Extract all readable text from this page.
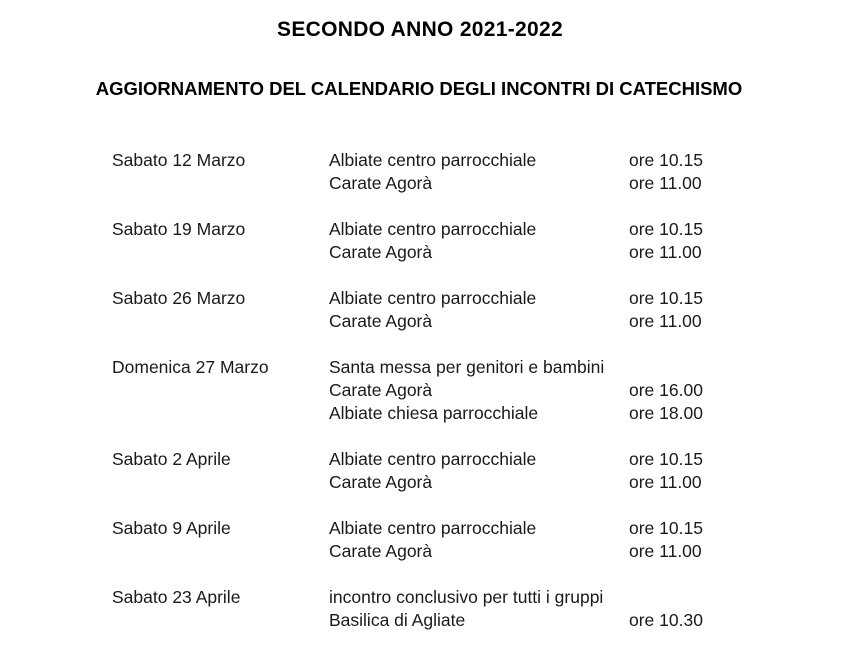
SECONDO ANNO 2021-2022
AGGIORNAMENTO DEL CALENDARIO DEGLI INCONTRI DI CATECHISMO
Sabato 12 Marzo	Albiate centro parrocchiale	ore 10.15
Carate Agorà	ore 11.00
Sabato 19 Marzo	Albiate centro parrocchiale	ore 10.15
Carate Agorà	ore 11.00
Sabato 26 Marzo	Albiate centro parrocchiale	ore 10.15
Carate Agorà	ore 11.00
Domenica 27 Marzo	Santa messa per genitori e bambini
Carate Agorà	ore 16.00
Albiate chiesa parrocchiale	ore 18.00
Sabato 2 Aprile	Albiate centro parrocchiale	ore 10.15
Carate Agorà	ore 11.00
Sabato 9 Aprile	Albiate centro parrocchiale	ore 10.15
Carate Agorà	ore 11.00
Sabato 23 Aprile	incontro conclusivo per tutti i gruppi
Basilica di Agliate	ore 10.30
